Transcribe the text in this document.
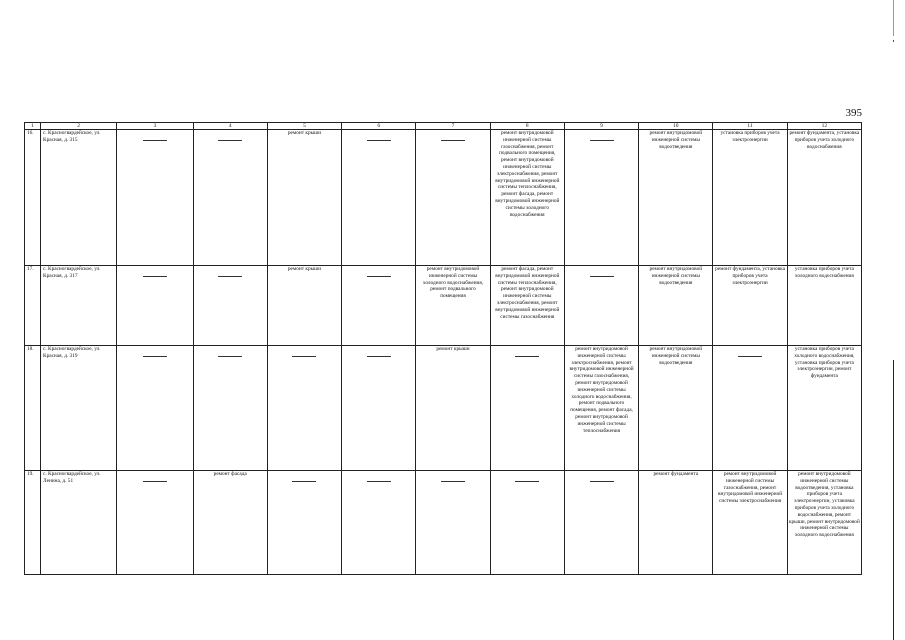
395
1	2	3	4	5	6	7	8	9	10	11	12
16.	с. Красногвардейское, ул. Красная, д. 315			ремонт крыши			ремонт внутридомовой инженерной системы газоснабжения, ремонт подвального помещения, ремонт внутридомовой инженерной системы электроснабжения, ремонт внутридомовой инженерной системы теплоснабжения, ремонт фасада, ремонт внутридомовой инженерной системы холодного водоснабжения		ремонт внутридомовой инженерной системы водоотведения	установка приборов учета электроэнергии	ремонт фундамента, установка приборов учета холодного водоснабжения
17.	с. Красногвардейское, ул. Красная, д. 317			ремонт крыши		ремонт внутридомовой инженерной системы холодного водоснабжения, ремонт подвального помещения	ремонт фасада, ремонт внутридомовой инженерной системы теплоснабжения, ремонт внутридомовой инженерной системы электроснабжения, ремонт внутридомовой инженерной системы газоснабжения		ремонт внутридомовой инженерной системы водоотведения	ремонт фундамента, установка приборов учета электроэнергии	установка приборов учета холодного водоснабжения
18.	с. Красногвардейское, ул. Красная, д. 319					ремонт крыши		ремонт внутридомовой инженерной системы электроснабжения, ремонт внутридомовой инженерной системы газоснабжения, ремонт внутридомовой инженерной системы холодного водоснабжения, ремонт подвального помещения, ремонт фасада, ремонт внутридомовой инженерной системы теплоснабжения	ремонт внутридомовой инженерной системы водоотведения		установка приборов учета холодного водоснабжения, установка приборов учета электроэнергии, ремонт фундамента
19.	с. Красногвардейское, ул. Ленина, д. 51		ремонт фасада						ремонт фундамента	ремонт внутридомовой инженерной системы газоснабжения, ремонт внутридомовой инженерной системы электроснабжения	ремонт внутридомовой инженерной системы водоотведения, установка приборов учета электроэнергии, установка приборов учета холодного водоснабжения, ремонт крыши, ремонт внутридомовой инженерной системы холодного водоснабжения
